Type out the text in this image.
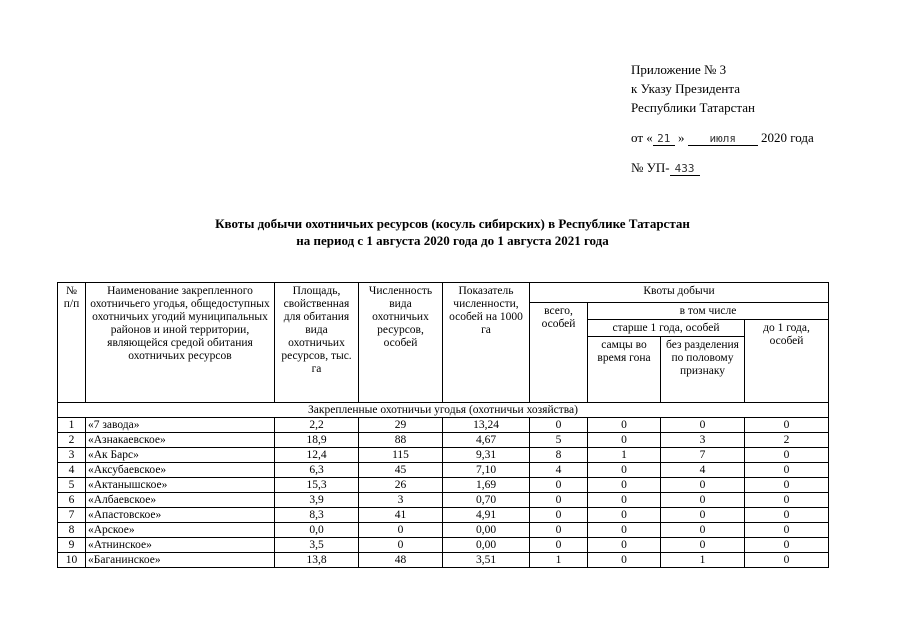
Приложение № 3
к Указу Президента
Республики Татарстан
от « 21 » июля 2020 года
№ УП- 433
Квоты добычи охотничьих ресурсов (косуль сибирских) в Республике Татарстан
на период с 1 августа 2020 года до 1 августа 2021 года
№ п/п	Наименование закрепленного охотничьего угодья, общедоступных охотничьих угодий муниципальных районов и иной территории, являющейся средой обитания охотничьих ресурсов	Площадь, свойственная для обитания вида охотничьих ресурсов, тыс. га	Численность вида охотничьих ресурсов, особей	Показатель численности, особей на 1000 га	Квоты добычи			
					всего, особей	в том числе		
						старше 1 года, особей		до 1 года, особей
						самцы во время гона	без разделения по половому признаку	
Закрепленные охотничьи угодья (охотничьи хозяйства)								
1	«7 завода»	2,2	29	13,24	0	0	0	0
2	«Азнакаевское»	18,9	88	4,67	5	0	3	2
3	«Ак Барс»	12,4	115	9,31	8	1	7	0
4	«Аксубаевское»	6,3	45	7,10	4	0	4	0
5	«Актанышское»	15,3	26	1,69	0	0	0	0
6	«Албаевское»	3,9	3	0,70	0	0	0	0
7	«Апастовское»	8,3	41	4,91	0	0	0	0
8	«Арское»	0,0	0	0,00	0	0	0	0
9	«Атнинское»	3,5	0	0,00	0	0	0	0
10	«Баганинское»	13,8	48	3,51	1	0	1	0
